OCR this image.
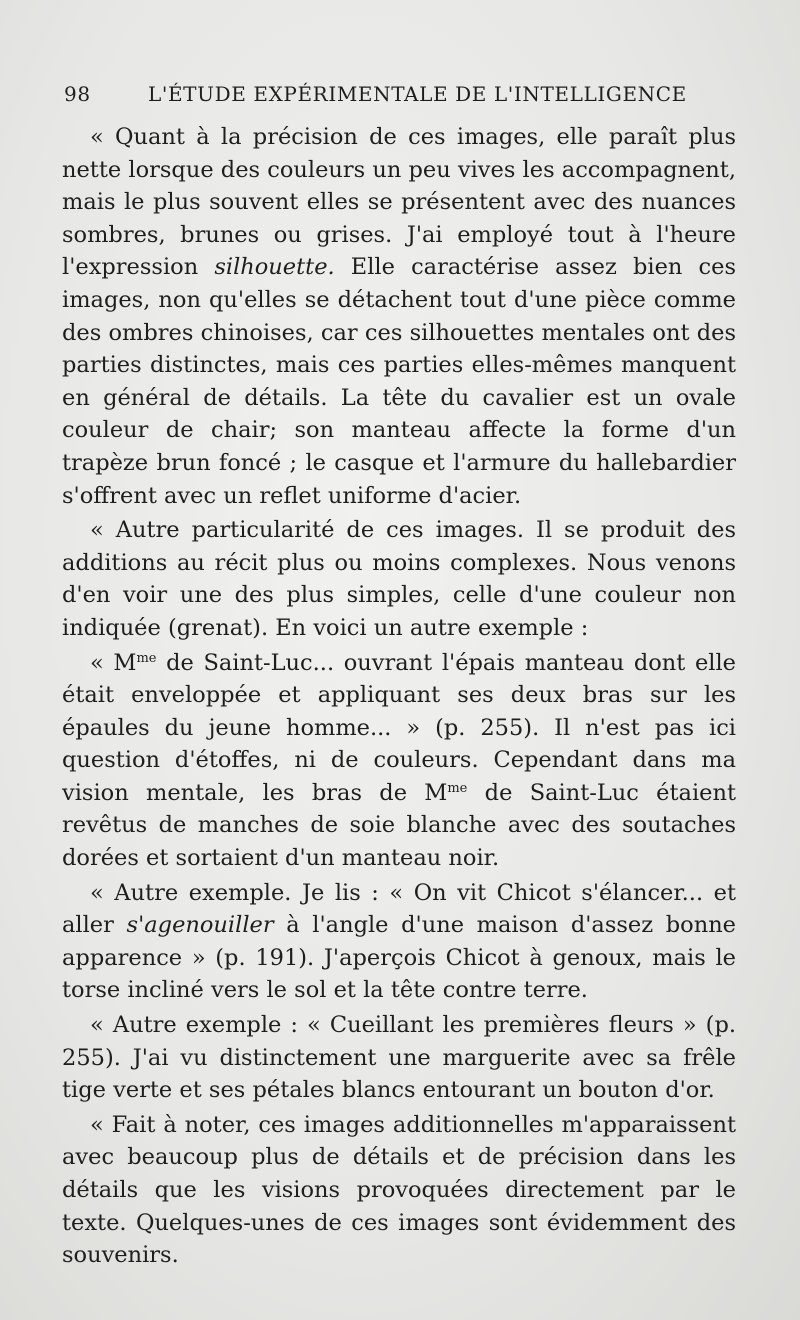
98	L'ÉTUDE EXPÉRIMENTALE DE L'INTELLIGENCE

« Quant à la précision de ces images, elle paraît plus nette lorsque des couleurs un peu vives les accompagnent, mais le plus souvent elles se présentent avec des nuances sombres, brunes ou grises. J'ai employé tout à l'heure l'expression silhouette. Elle caractérise assez bien ces images, non qu'elles se détachent tout d'une pièce comme des ombres chinoises, car ces silhouettes mentales ont des parties distinctes, mais ces parties elles-mêmes manquent en général de détails. La tête du cavalier est un ovale couleur de chair; son manteau affecte la forme d'un trapèze brun foncé ; le casque et l'armure du hallebardier s'offrent avec un reflet uniforme d'acier.

« Autre particularité de ces images. Il se produit des additions au récit plus ou moins complexes. Nous venons d'en voir une des plus simples, celle d'une couleur non indiquée (grenat). En voici un autre exemple :

« $M^{me}$ de Saint-Luc... ouvrant l'épais manteau dont elle était enveloppée et appliquant ses deux bras sur les épaules du jeune homme... » (p. 255). Il n'est pas ici question d'étoffes, ni de couleurs. Cependant dans ma vision mentale, les bras de $M^{me}$ de Saint-Luc étaient revêtus de manches de soie blanche avec des soutaches dorées et sortaient d'un manteau noir.

« Autre exemple. Je lis : « On vit Chicot s'élancer... et aller s'agenouiller à l'angle d'une maison d'assez bonne apparence » (p. 191). J'aperçois Chicot à genoux, mais le torse incliné vers le sol et la tête contre terre.

« Autre exemple : « Cueillant les premières fleurs » (p. 255). J'ai vu distinctement une marguerite avec sa frêle tige verte et ses pétales blancs entourant un bouton d'or.

« Fait à noter, ces images additionnelles m'apparaissent avec beaucoup plus de détails et de précision dans les détails que les visions provoquées directement par le texte. Quelques-unes de ces images sont évidemment des souvenirs.
